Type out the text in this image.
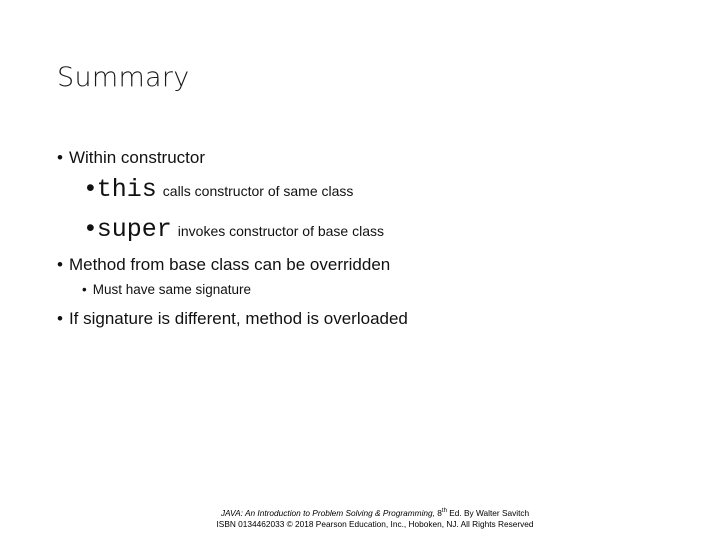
Summary
• Within constructor
•this calls constructor of same class
•super invokes constructor of base class
• Method from base class can be overridden
• Must have same signature
• If signature is different, method is overloaded
JAVA: An Introduction to Problem Solving & Programming, 8th Ed. By Walter Savitch
ISBN 0134462033 © 2018 Pearson Education, Inc., Hoboken, NJ. All Rights Reserved
